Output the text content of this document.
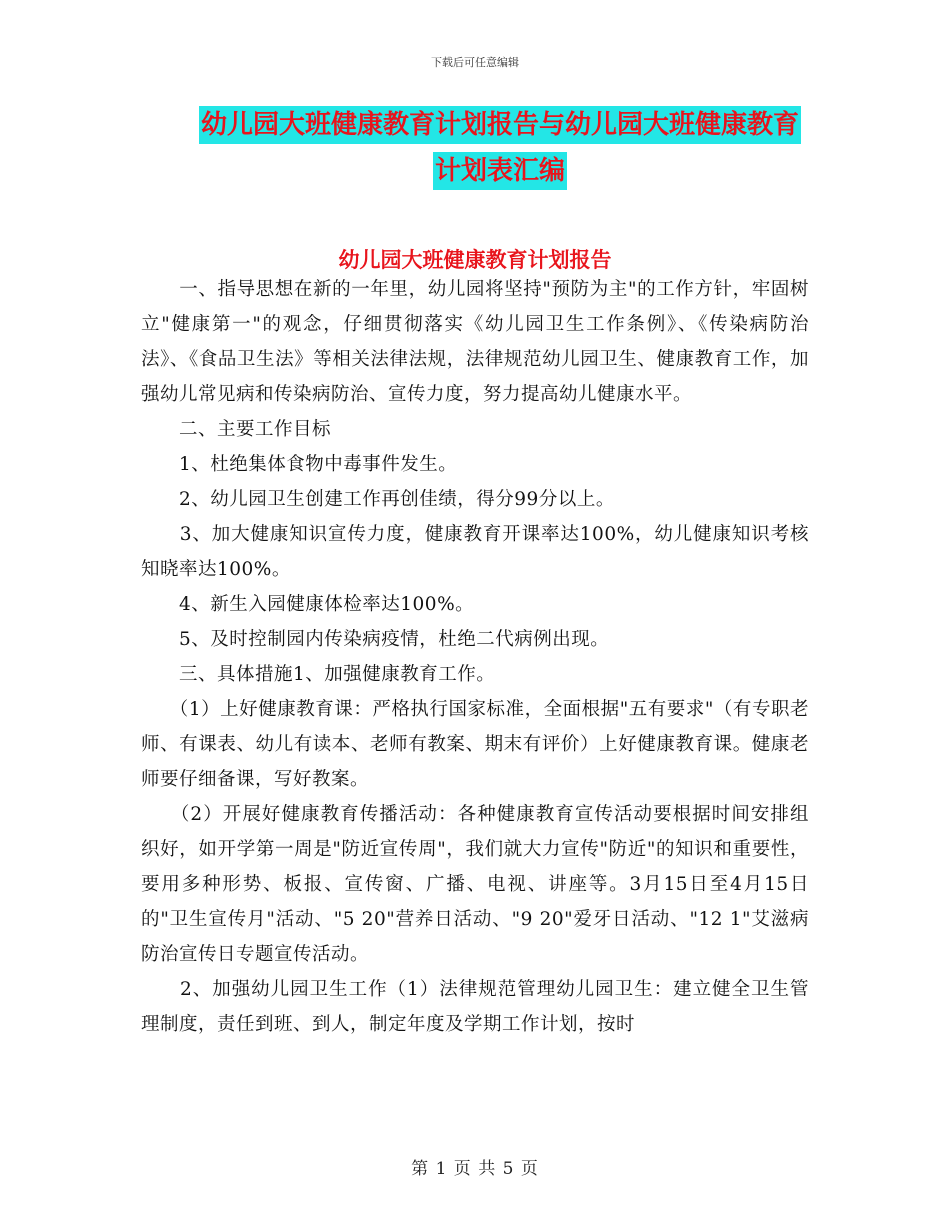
下载后可任意编辑
幼儿园大班健康教育计划报告与幼儿园大班健康教育
计划表汇编
幼儿园大班健康教育计划报告

　　一、指导思想在新的一年里，幼儿园将坚持"预防为主"的工作方针，牢固树立"健康第一"的观念，仔细贯彻落实《幼儿园卫生工作条例》、《传染病防治法》、《食品卫生法》等相关法律法规，法律规范幼儿园卫生、健康教育工作，加强幼儿常见病和传染病防治、宣传力度，努力提高幼儿健康水平。

　　二、主要工作目标

　　1、杜绝集体食物中毒事件发生。

　　2、幼儿园卫生创建工作再创佳绩，得分99分以上。

　　3、加大健康知识宣传力度，健康教育开课率达100%，幼儿健康知识考核知晓率达100%。

　　4、新生入园健康体检率达100%。

　　5、及时控制园内传染病疫情，杜绝二代病例出现。

　　三、具体措施1、加强健康教育工作。

　　（1）上好健康教育课：严格执行国家标准，全面根据"五有要求"（有专职老师、有课表、幼儿有读本、老师有教案、期末有评价）上好健康教育课。健康老师要仔细备课，写好教案。

　　（2）开展好健康教育传播活动：各种健康教育宣传活动要根据时间安排组织好，如开学第一周是"防近宣传周"，我们就大力宣传"防近"的知识和重要性，要用多种形势、板报、宣传窗、广播、电视、讲座等。3月15日至4月15日的"卫生宣传月"活动、"5 20"营养日活动、"9 20"爱牙日活动、"12 1"艾滋病防治宣传日专题宣传活动。

　　2、加强幼儿园卫生工作（1）法律规范管理幼儿园卫生：建立健全卫生管理制度，责任到班、到人，制定年度及学期工作计划，按时

第 1 页 共 5 页
